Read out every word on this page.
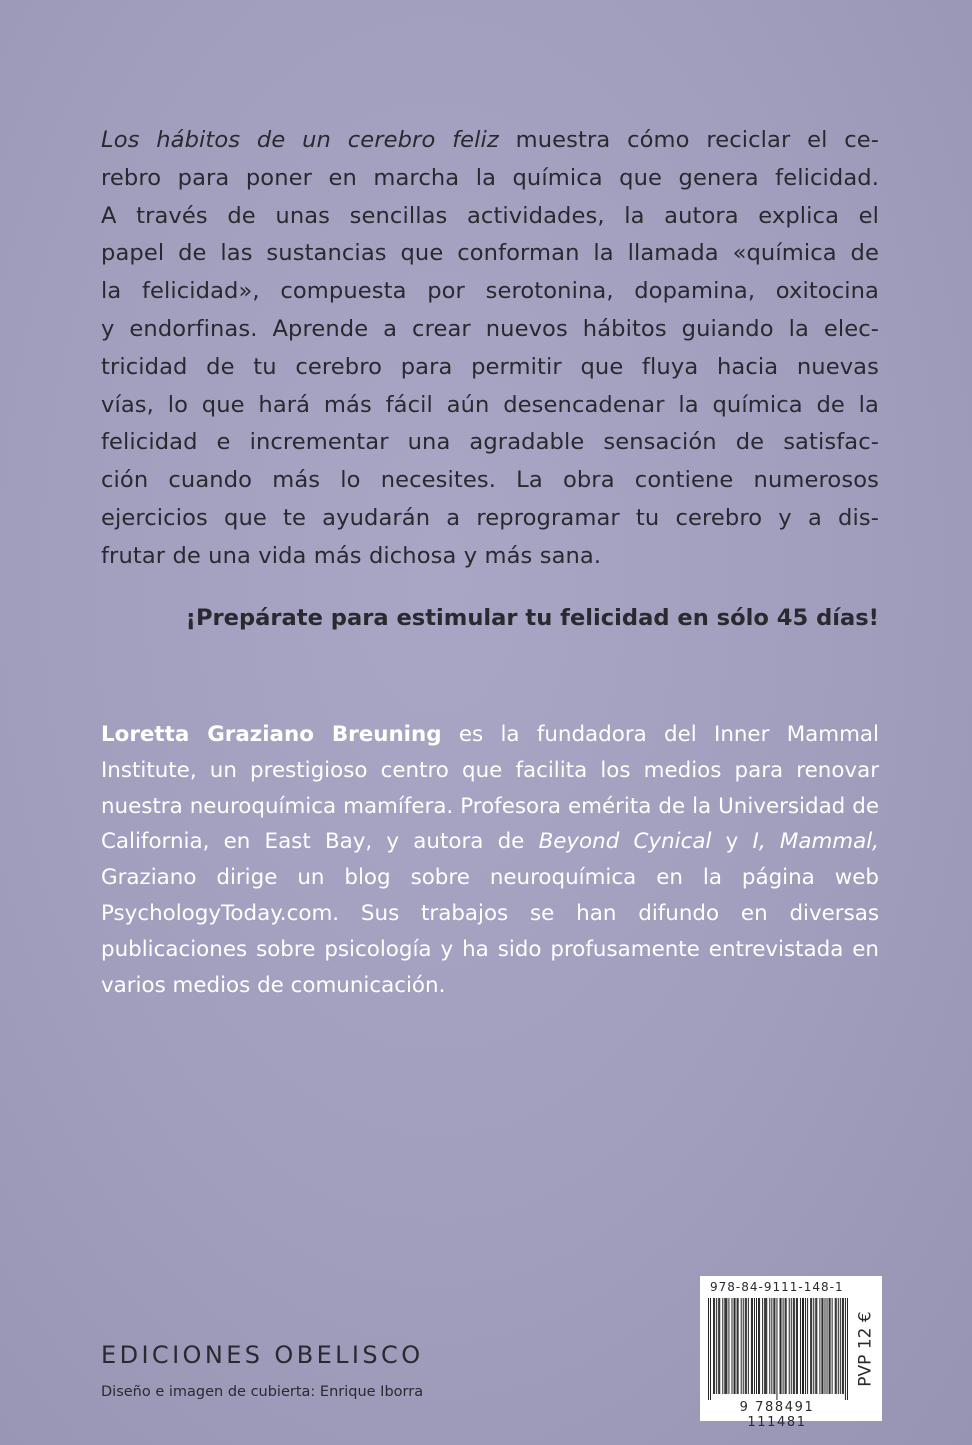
Los hábitos de un cerebro feliz muestra cómo reciclar el ce-
rebro para poner en marcha la química que genera felicidad.
A través de unas sencillas actividades, la autora explica el
papel de las sustancias que conforman la llamada «química de
la felicidad», compuesta por serotonina, dopamina, oxitocina
y endorfinas. Aprende a crear nuevos hábitos guiando la elec-
tricidad de tu cerebro para permitir que fluya hacia nuevas
vías, lo que hará más fácil aún desencadenar la química de la
felicidad e incrementar una agradable sensación de satisfac-
ción cuando más lo necesites. La obra contiene numerosos
ejercicios que te ayudarán a reprogramar tu cerebro y a dis-
frutar de una vida más dichosa y más sana.
¡Prepárate para estimular tu felicidad en sólo 45 días!

Loretta Graziano Breuning es la fundadora del Inner Mammal Institute, un prestigioso centro que facilita los medios para renovar nuestra neuroquímica mamífera. Profesora emérita de la Universidad de California, en East Bay, y autora de Beyond Cynical y I, Mammal, Graziano dirige un blog sobre neuroquímica en la página web PsychologyToday.com. Sus trabajos se han difundo en diversas publicaciones sobre psicología y ha sido profusamente entrevistada en varios medios de comunicación.

EDICIONES OBELISCO
Diseño e imagen de cubierta: Enrique Iborra
978-84-9111-148-1
9 788491 111481
PVP 12 €
